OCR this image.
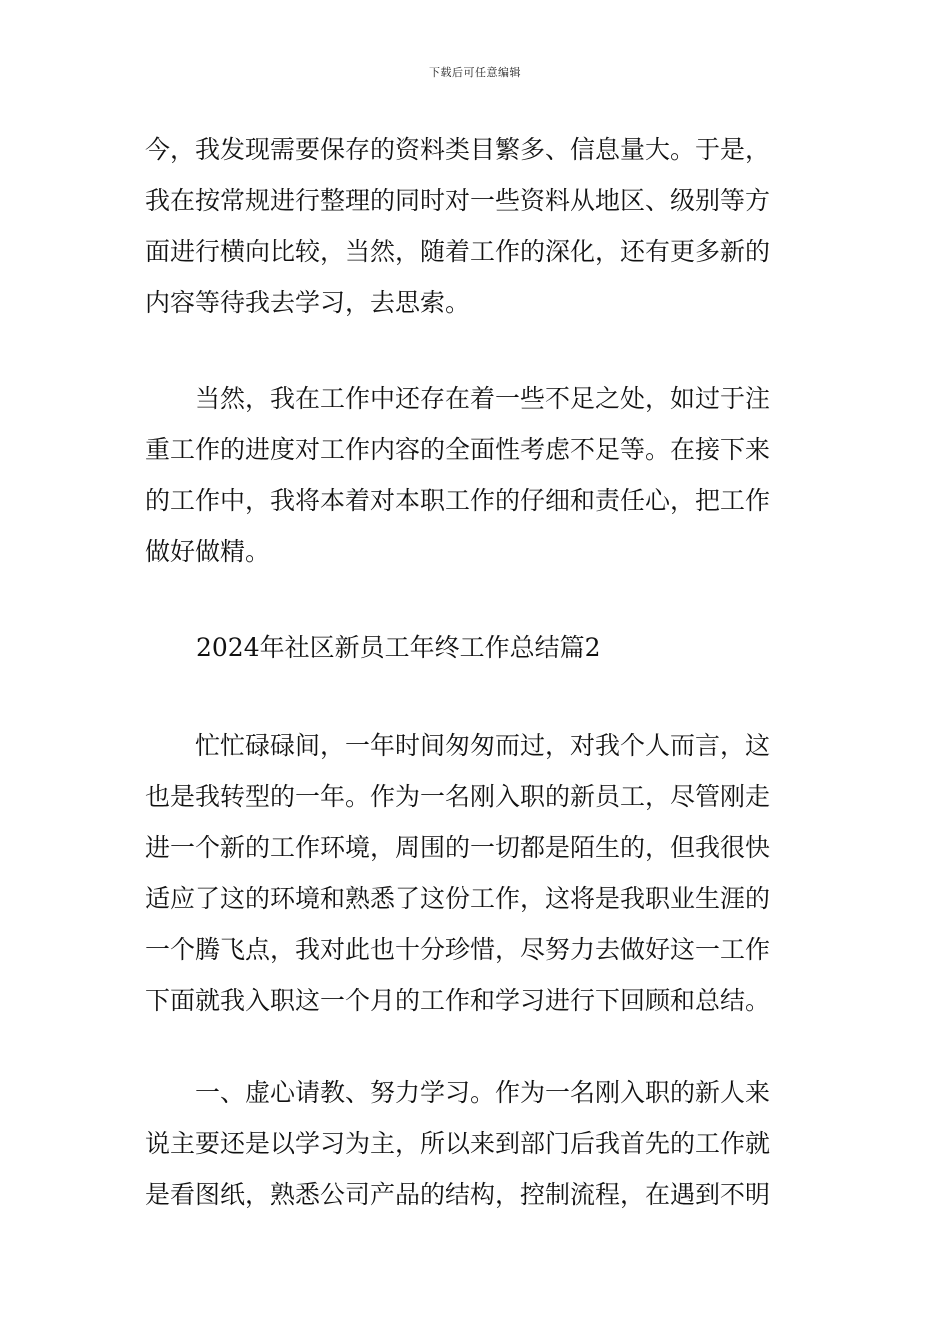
下载后可任意编辑

今，我发现需要保存的资料类目繁多、信息量大。于是，
我在按常规进行整理的同时对一些资料从地区、级别等方
面进行横向比较，当然，随着工作的深化，还有更多新的
内容等待我去学习，去思索。

　　当然，我在工作中还存在着一些不足之处，如过于注
重工作的进度对工作内容的全面性考虑不足等。在接下来
的工作中，我将本着对本职工作的仔细和责任心，把工作
做好做精。

2024年社区新员工年终工作总结篇2

　　忙忙碌碌间，一年时间匆匆而过，对我个人而言，这
也是我转型的一年。作为一名刚入职的新员工，尽管刚走
进一个新的工作环境，周围的一切都是陌生的，但我很快
适应了这的环境和熟悉了这份工作，这将是我职业生涯的
一个腾飞点，我对此也十分珍惜，尽努力去做好这一工作
下面就我入职这一个月的工作和学习进行下回顾和总结。

　　一、虚心请教、努力学习。作为一名刚入职的新人来
说主要还是以学习为主，所以来到部门后我首先的工作就
是看图纸，熟悉公司产品的结构，控制流程，在遇到不明
